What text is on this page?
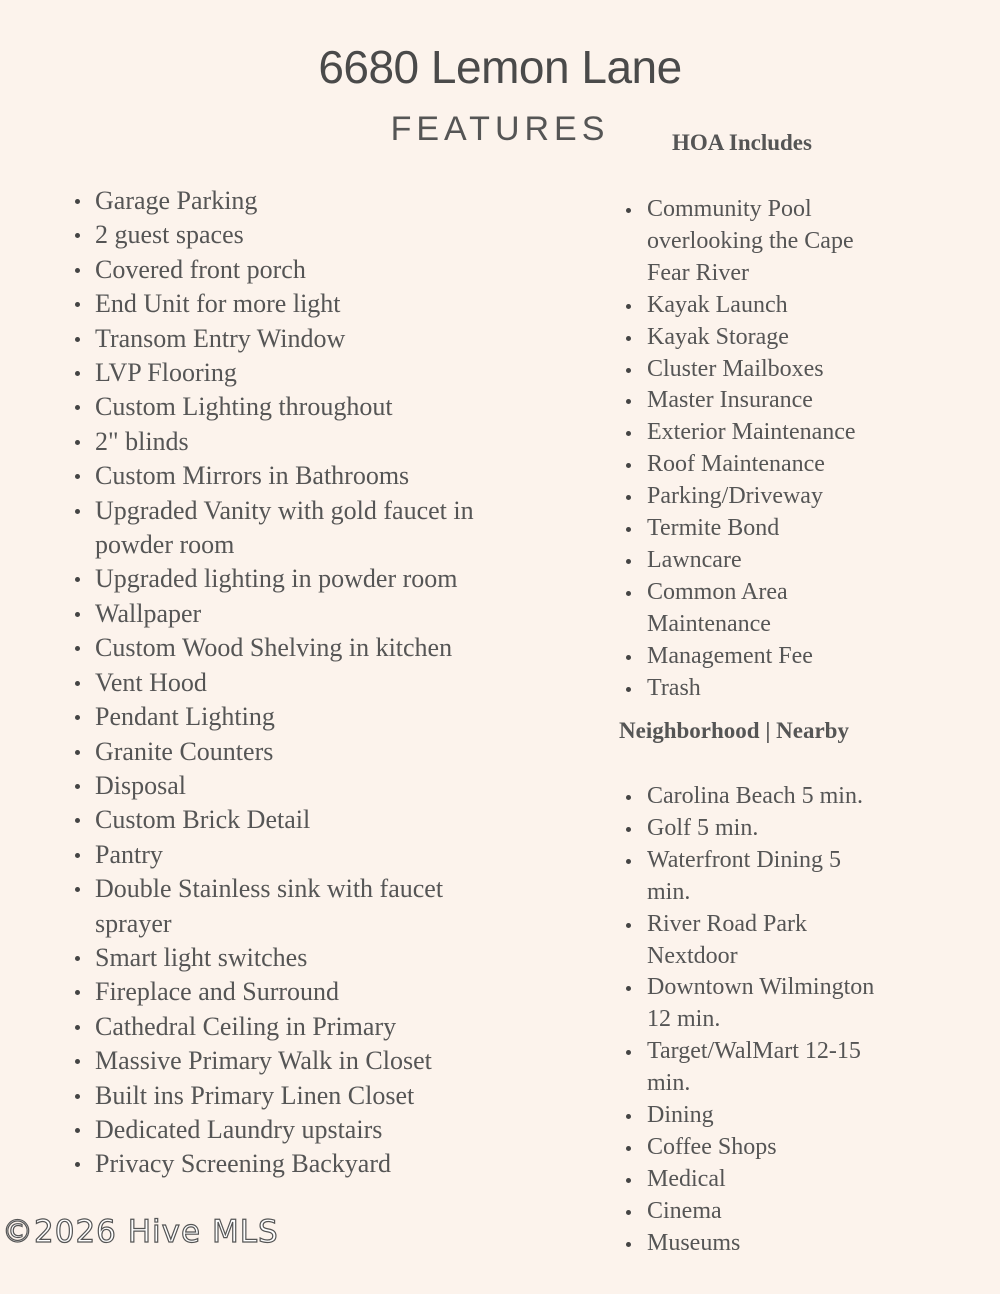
6680 Lemon Lane
FEATURES
Garage Parking
2 guest spaces
Covered front porch
End Unit for more light
Transom Entry Window
LVP Flooring
Custom Lighting throughout
2" blinds
Custom Mirrors in Bathrooms
Upgraded Vanity with gold faucet in powder room
Upgraded lighting in powder room
Wallpaper
Custom Wood Shelving in kitchen
Vent Hood
Pendant Lighting
Granite Counters
Disposal
Custom Brick Detail
Pantry
Double Stainless sink with faucet sprayer
Smart light switches
Fireplace and Surround
Cathedral Ceiling in Primary
Massive Primary Walk in Closet
Built ins Primary Linen Closet
Dedicated Laundry upstairs
Privacy Screening Backyard
HOA Includes
Community Pool overlooking the Cape Fear River
Kayak Launch
Kayak Storage
Cluster Mailboxes
Master Insurance
Exterior Maintenance
Roof Maintenance
Parking/Driveway
Termite Bond
Lawncare
Common Area Maintenance
Management Fee
Trash
Neighborhood | Nearby
Carolina Beach 5 min.
Golf 5 min.
Waterfront Dining 5 min.
River Road Park Nextdoor
Downtown Wilmington 12 min.
Target/WalMart 12-15 min.
Dining
Coffee Shops
Medical
Cinema
Museums
©2026 Hive MLS
